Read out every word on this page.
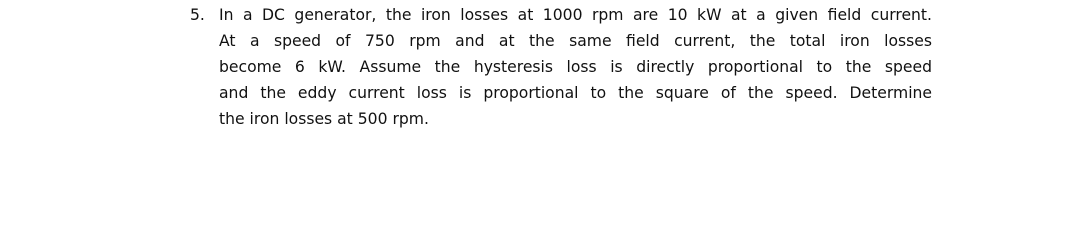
5. In a DC generator, the iron losses at 1000 rpm are 10 kW at a given field current.
At a speed of 750 rpm and at the same field current, the total iron losses
become 6 kW. Assume the hysteresis loss is directly proportional to the speed
and the eddy current loss is proportional to the square of the speed. Determine
the iron losses at 500 rpm.
